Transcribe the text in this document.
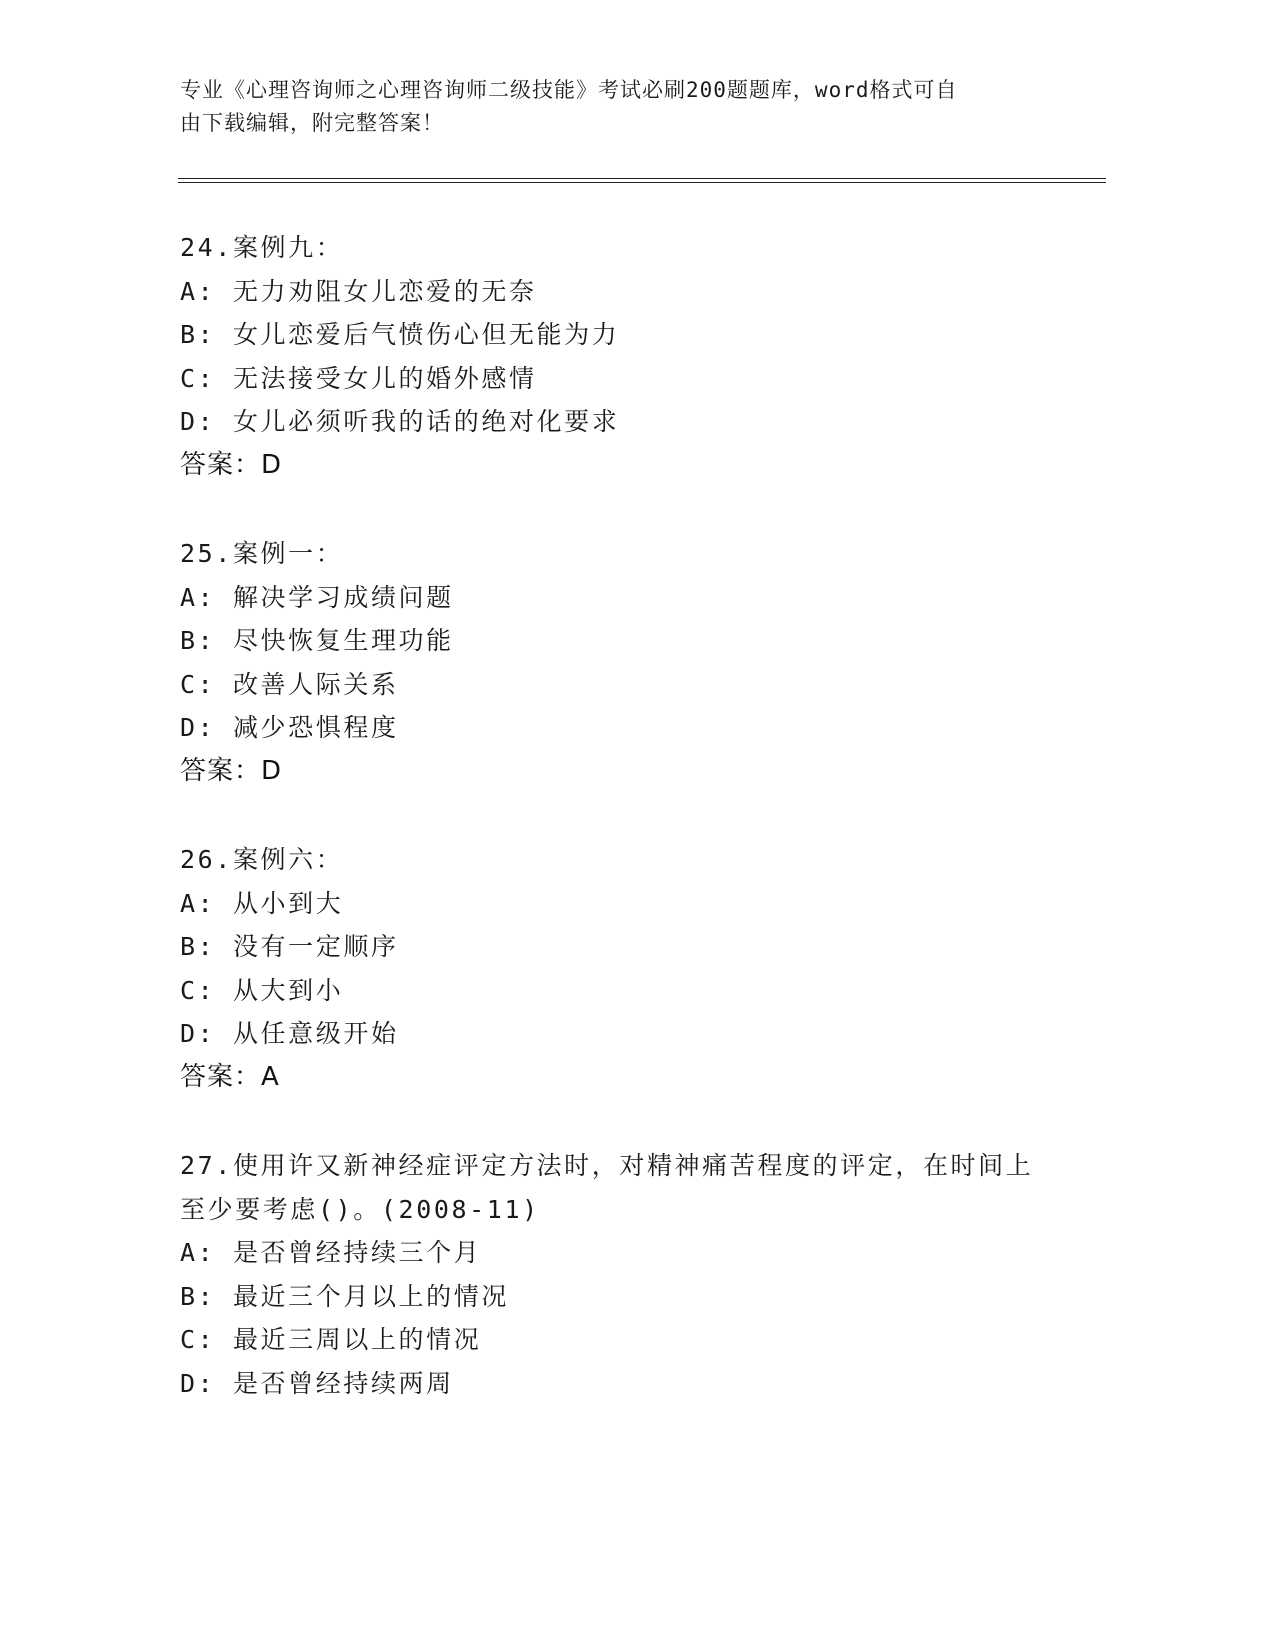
专业《心理咨询师之心理咨询师二级技能》考试必刷200题题库，word格式可自
由下载编辑，附完整答案！
24.案例九：
A: 无力劝阻女儿恋爱的无奈
B: 女儿恋爱后气愤伤心但无能为力
C: 无法接受女儿的婚外感情
D: 女儿必须听我的话的绝对化要求
答案：D
25.案例一：
A: 解决学习成绩问题
B: 尽快恢复生理功能
C: 改善人际关系
D: 减少恐惧程度
答案：D
26.案例六：
A: 从小到大
B: 没有一定顺序
C: 从大到小
D: 从任意级开始
答案：A
27.使用许又新神经症评定方法时，对精神痛苦程度的评定，在时间上至少要考虑()。(2008-11)
A: 是否曾经持续三个月
B: 最近三个月以上的情况
C: 最近三周以上的情况
D: 是否曾经持续两周
